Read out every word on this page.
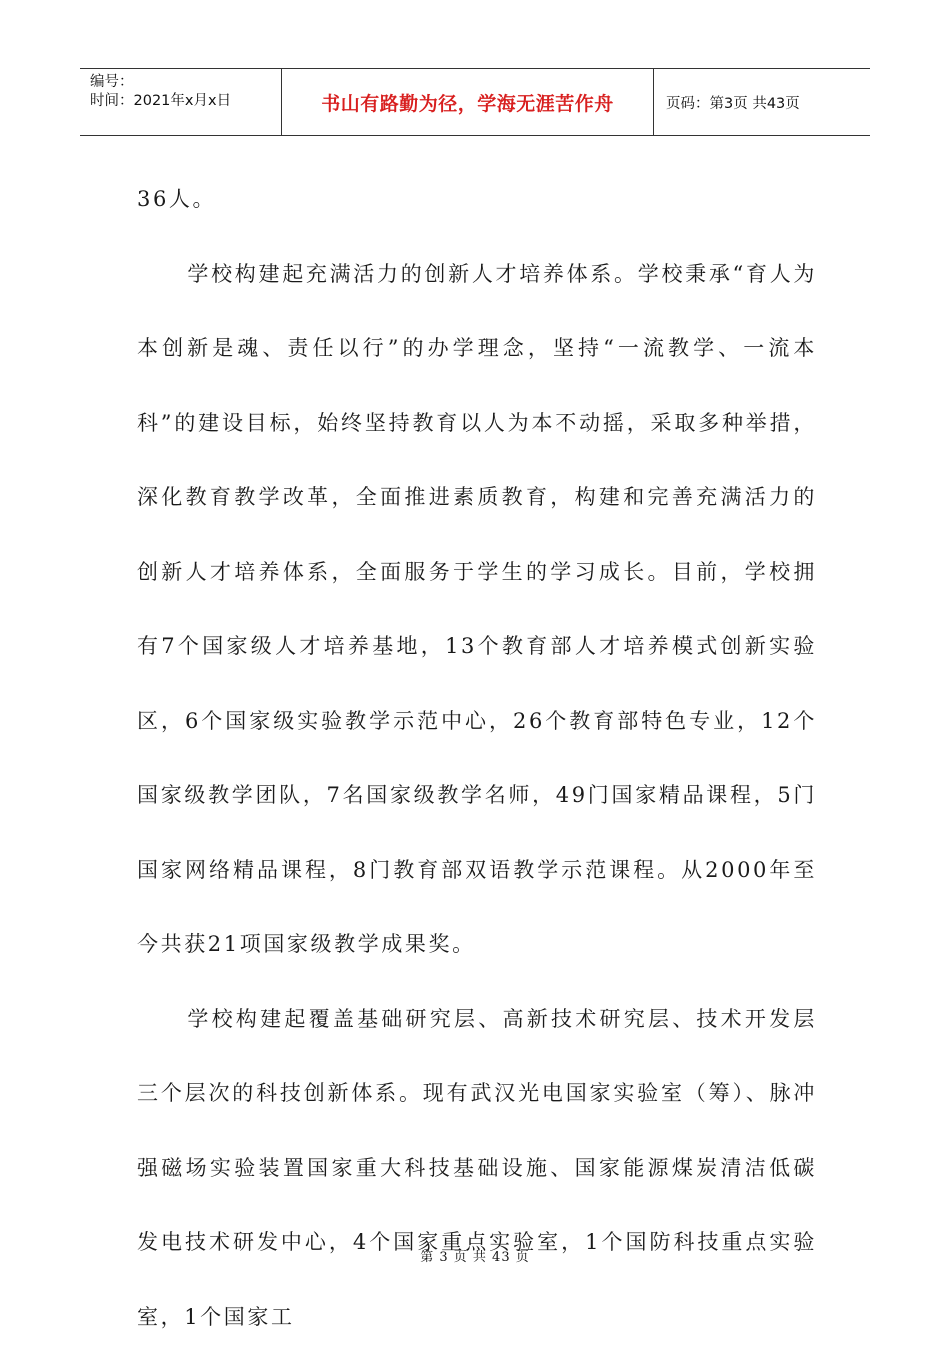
编号：
时间：2021年x月x日	书山有路勤为径，学海无涯苦作舟	页码：第3页 共43页

36人。

学校构建起充满活力的创新人才培养体系。学校秉承“育人为本创新是魂、责任以行”的办学理念，坚持“一流教学、一流本科”的建设目标，始终坚持教育以人为本不动摇，采取多种举措，深化教育教学改革，全面推进素质教育，构建和完善充满活力的创新人才培养体系，全面服务于学生的学习成长。目前，学校拥有7个国家级人才培养基地，13个教育部人才培养模式创新实验区，6个国家级实验教学示范中心，26个教育部特色专业，12个国家级教学团队，7名国家级教学名师，49门国家精品课程，5门国家网络精品课程，8门教育部双语教学示范课程。从2000年至今共获21项国家级教学成果奖。

学校构建起覆盖基础研究层、高新技术研究层、技术开发层三个层次的科技创新体系。现有武汉光电国家实验室（筹）、脉冲强磁场实验装置国家重大科技基础设施、国家能源煤炭清洁低碳发电技术研发中心，4个国家重点实验室，1个国防科技重点实验室，1个国家工

第 3 页 共 43 页
